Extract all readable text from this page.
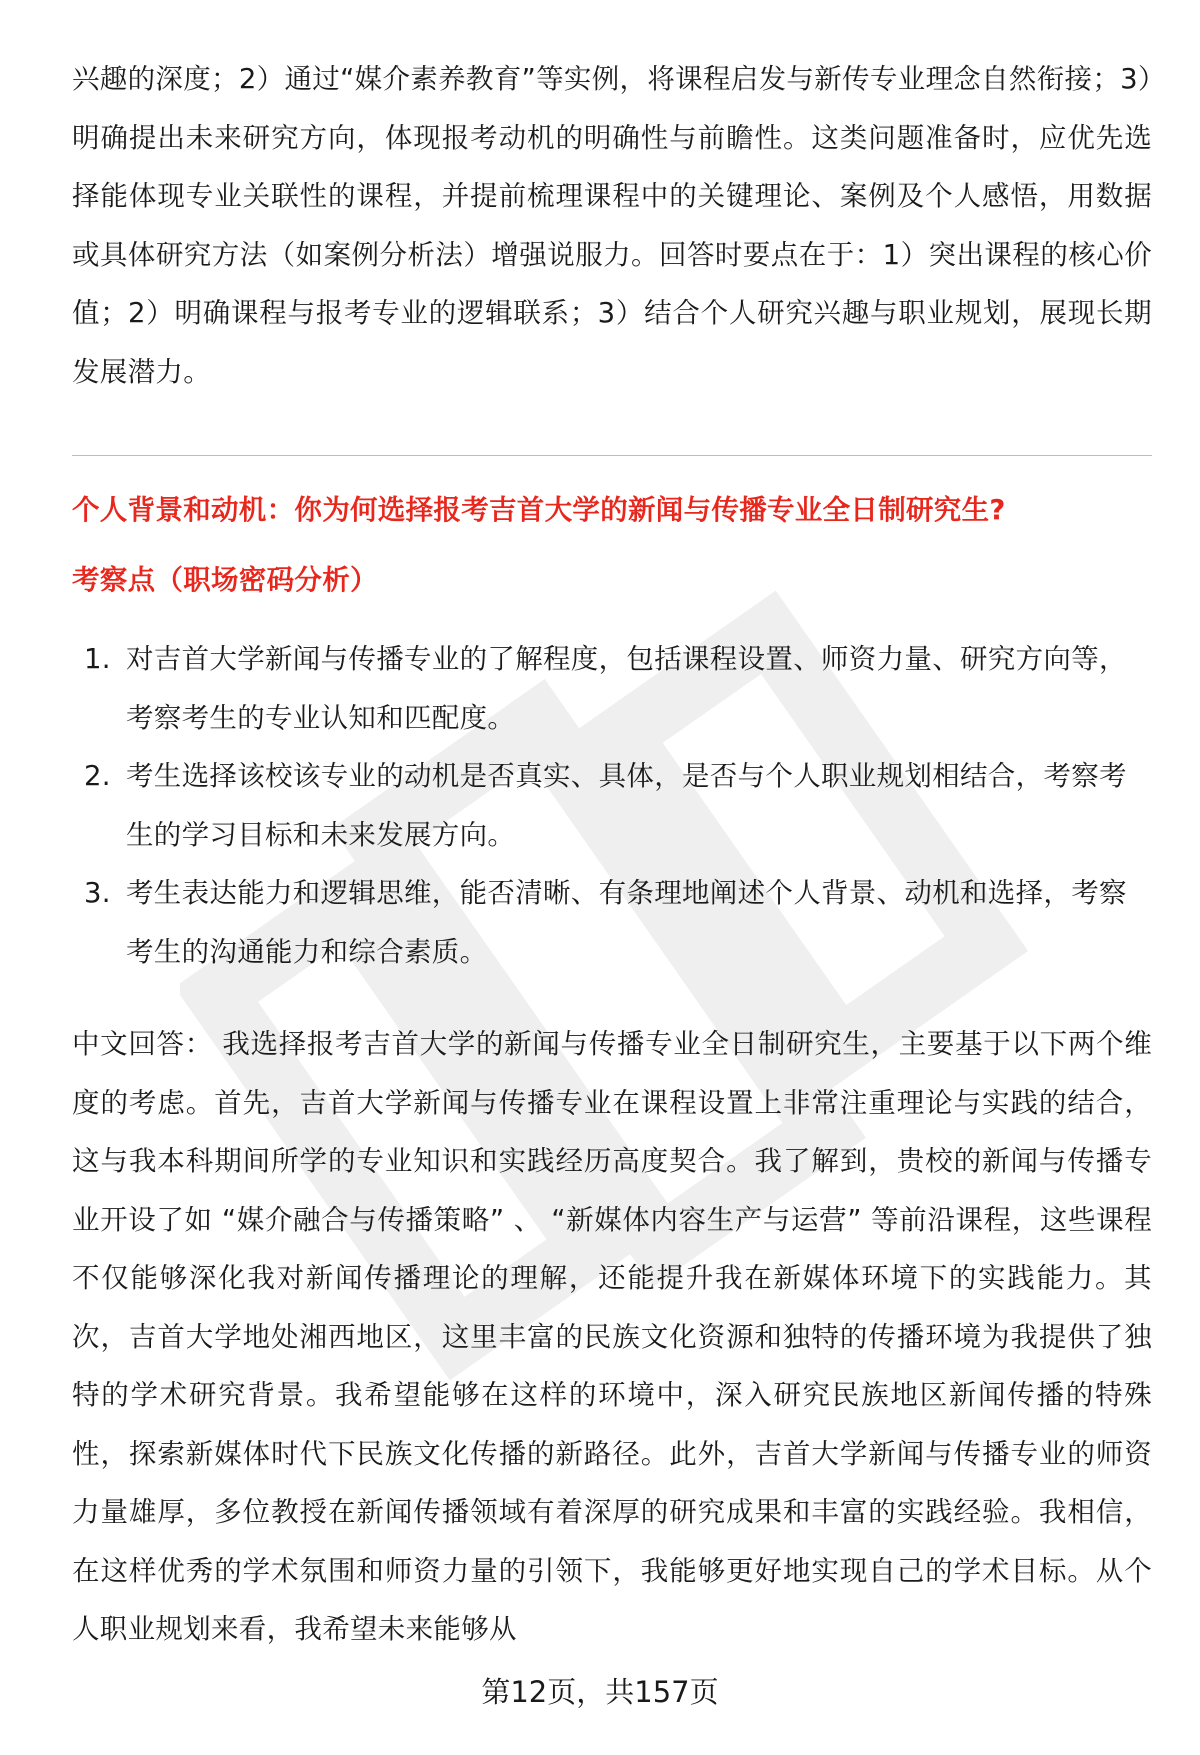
兴趣的深度；2）通过“媒介素养教育”等实例，将课程启发与新传专业理念自然衔接；3）明确提出未来研究方向，体现报考动机的明确性与前瞻性。这类问题准备时，应优先选择能体现专业关联性的课程，并提前梳理课程中的关键理论、案例及个人感悟，用数据或具体研究方法（如案例分析法）增强说服力。回答时要点在于：1）突出课程的核心价值；2）明确课程与报考专业的逻辑联系；3）结合个人研究兴趣与职业规划，展现长期发展潜力。

个人背景和动机：你为何选择报考吉首大学的新闻与传播专业全日制研究生?
考察点（职场密码分析）
1. 对吉首大学新闻与传播专业的了解程度，包括课程设置、师资力量、研究方向等，考察考生的专业认知和匹配度。
2. 考生选择该校该专业的动机是否真实、具体，是否与个人职业规划相结合，考察考生的学习目标和未来发展方向。
3. 考生表达能力和逻辑思维，能否清晰、有条理地阐述个人背景、动机和选择，考察考生的沟通能力和综合素质。

中文回答： 我选择报考吉首大学的新闻与传播专业全日制研究生，主要基于以下两个维度的考虑。首先，吉首大学新闻与传播专业在课程设置上非常注重理论与实践的结合，这与我本科期间所学的专业知识和实践经历高度契合。我了解到，贵校的新闻与传播专业开设了如 “媒介融合与传播策略” 、 “新媒体内容生产与运营” 等前沿课程，这些课程不仅能够深化我对新闻传播理论的理解，还能提升我在新媒体环境下的实践能力。其次，吉首大学地处湘西地区，这里丰富的民族文化资源和独特的传播环境为我提供了独特的学术研究背景。我希望能够在这样的环境中，深入研究民族地区新闻传播的特殊性，探索新媒体时代下民族文化传播的新路径。此外，吉首大学新闻与传播专业的师资力量雄厚，多位教授在新闻传播领域有着深厚的研究成果和丰富的实践经验。我相信，在这样优秀的学术氛围和师资力量的引领下，我能够更好地实现自己的学术目标。从个人职业规划来看，我希望未来能够从

第12页，共157页
